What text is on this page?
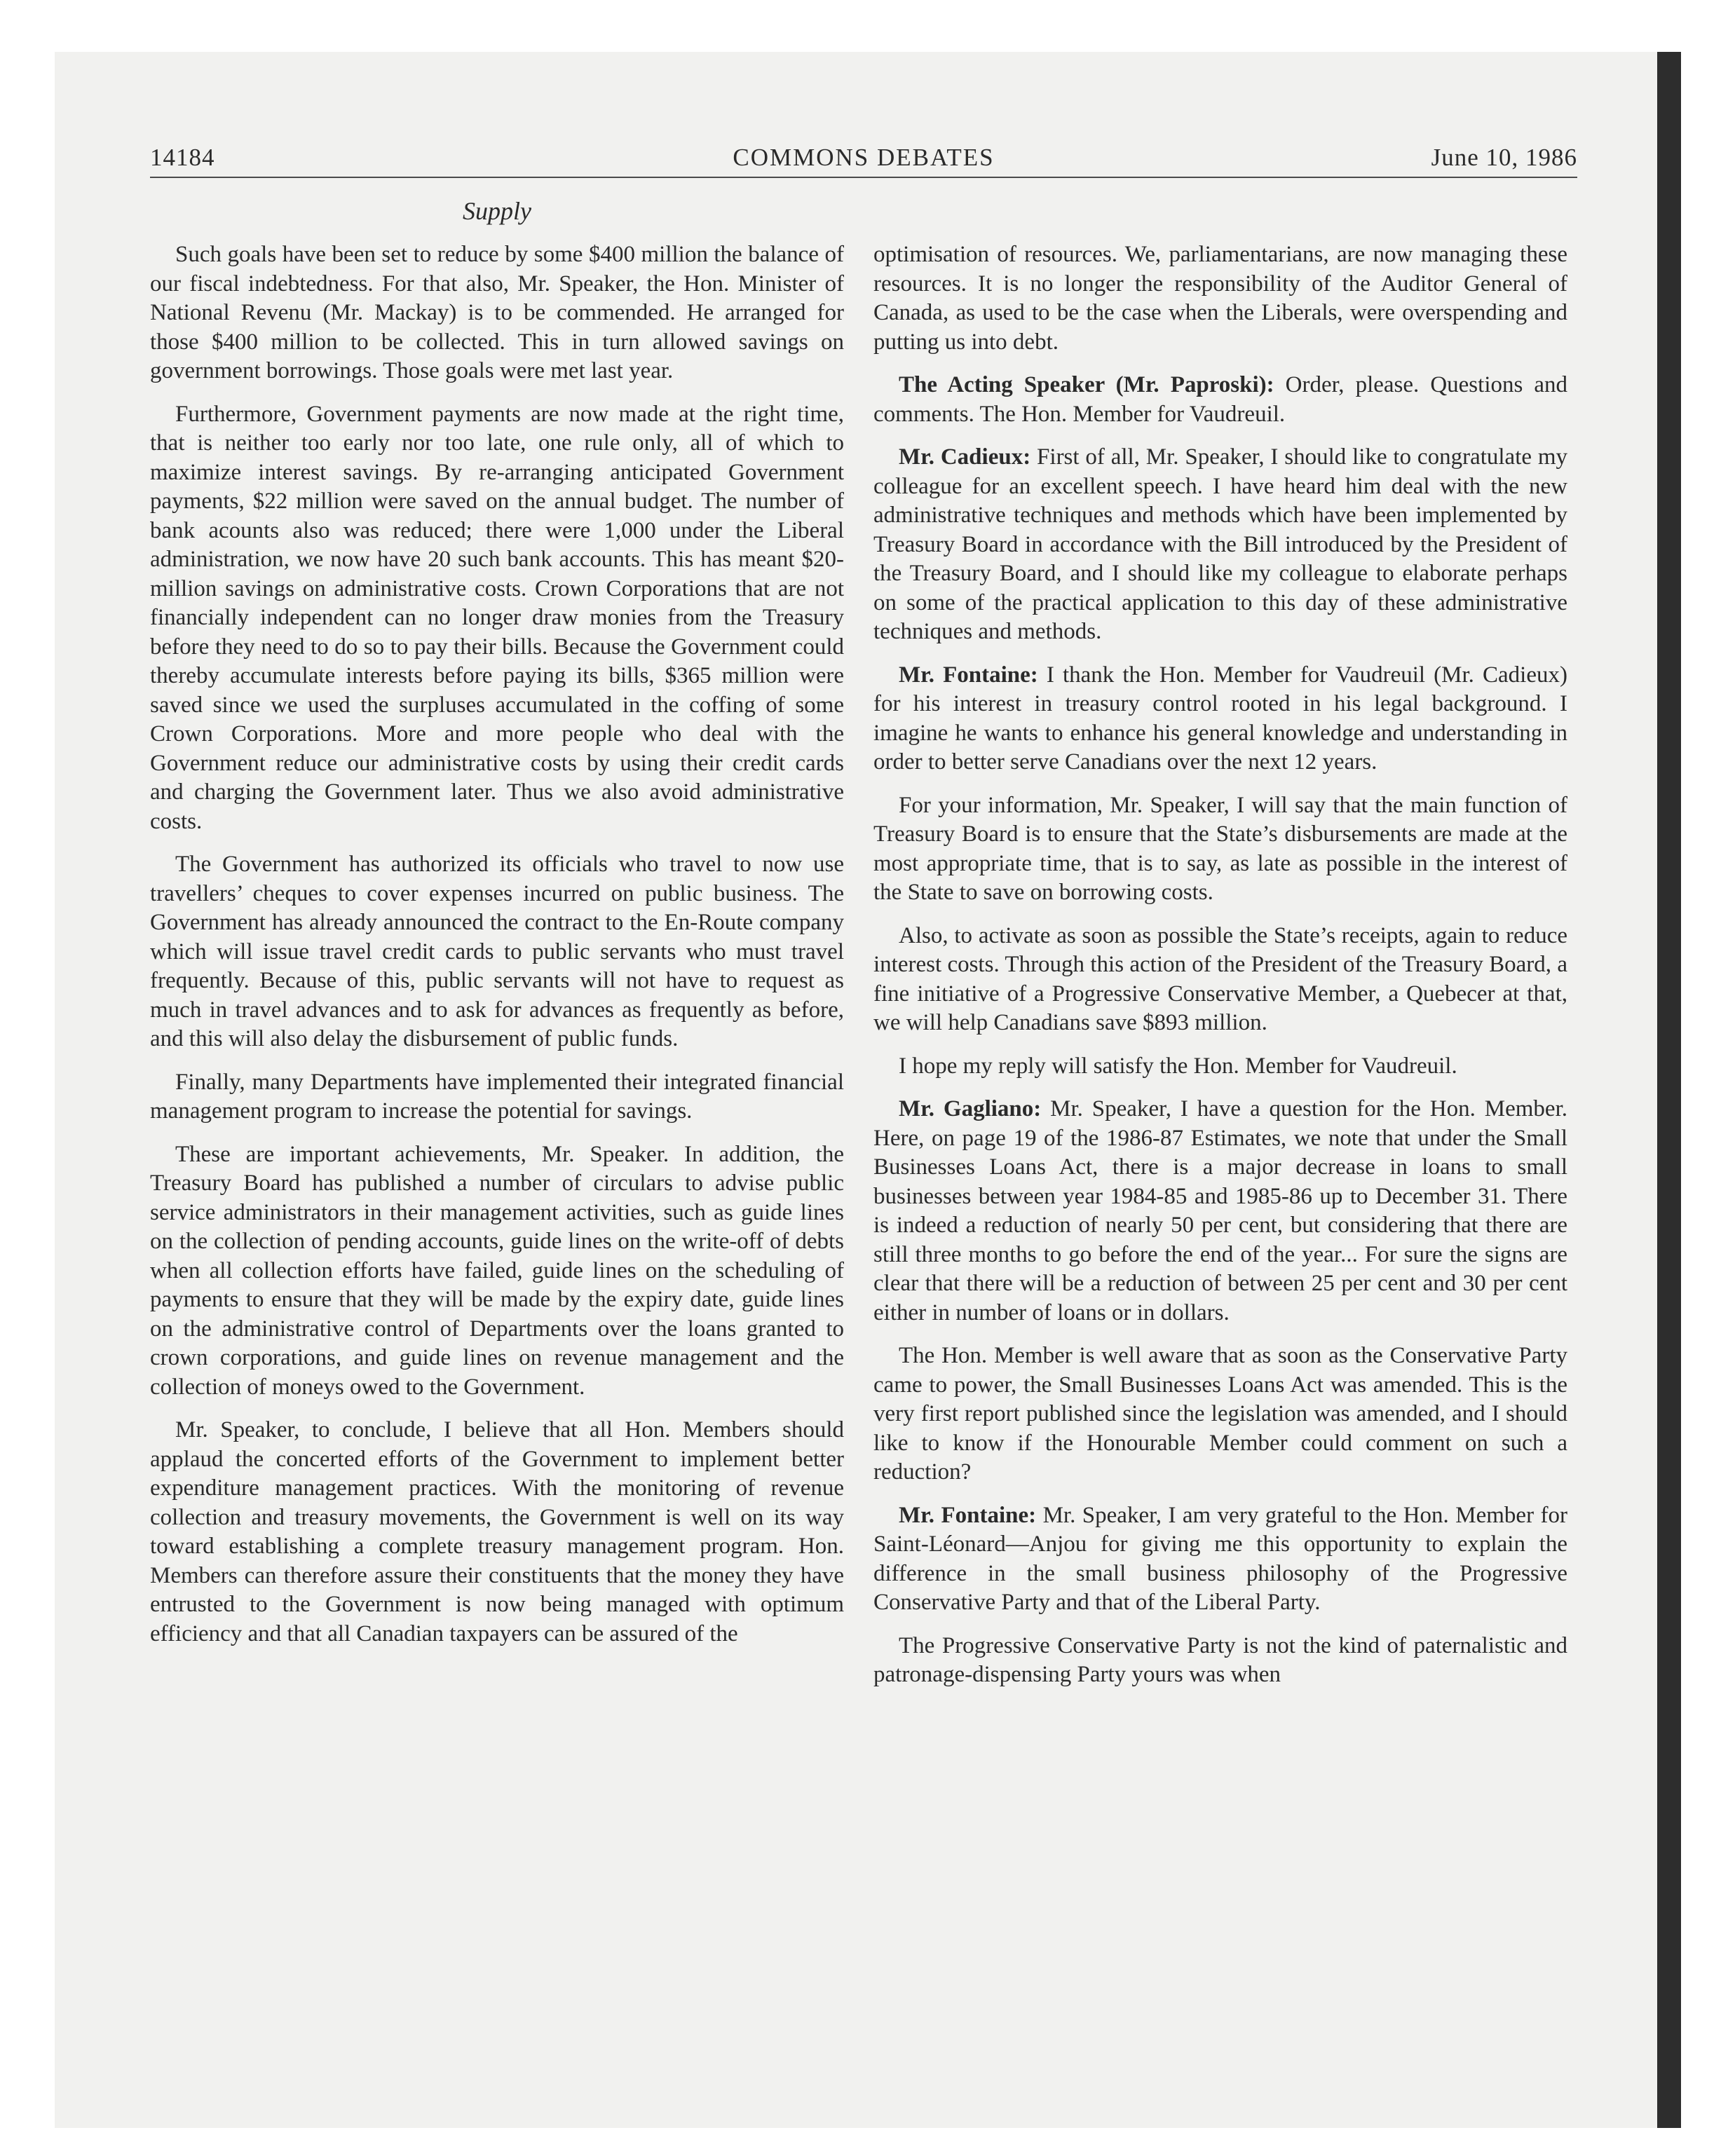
14184	COMMONS DEBATES	June 10, 1986
Supply

Such goals have been set to reduce by some $400 million the balance of our fiscal indebtedness. For that also, Mr. Speaker, the Hon. Minister of National Revenu (Mr. Mackay) is to be commended. He arranged for those $400 million to be collected. This in turn allowed savings on government borrowings. Those goals were met last year.

Furthermore, Government payments are now made at the right time, that is neither too early nor too late, one rule only, all of which to maximize interest savings. By re-arranging anticipated Government payments, $22 million were saved on the annual budget. The number of bank acounts also was reduced; there were 1,000 under the Liberal administration, we now have 20 such bank accounts. This has meant $20-million savings on administrative costs. Crown Corporations that are not financially independent can no longer draw monies from the Treasury before they need to do so to pay their bills. Because the Government could thereby accumulate interests before paying its bills, $365 million were saved since we used the surpluses accumulated in the coffing of some Crown Corporations. More and more people who deal with the Government reduce our administrative costs by using their credit cards and charging the Government later. Thus we also avoid administrative costs.

The Government has authorized its officials who travel to now use travellers’ cheques to cover expenses incurred on public business. The Government has already announced the contract to the En-Route company which will issue travel credit cards to public servants who must travel frequently. Because of this, public servants will not have to request as much in travel advances and to ask for advances as frequently as before, and this will also delay the disbursement of public funds.

Finally, many Departments have implemented their integrated financial management program to increase the potential for savings.

These are important achievements, Mr. Speaker. In addition, the Treasury Board has published a number of circulars to advise public service administrators in their management activities, such as guide lines on the collection of pending accounts, guide lines on the write-off of debts when all collection efforts have failed, guide lines on the scheduling of payments to ensure that they will be made by the expiry date, guide lines on the administrative control of Departments over the loans granted to crown corporations, and guide lines on revenue management and the collection of moneys owed to the Government.

Mr. Speaker, to conclude, I believe that all Hon. Members should applaud the concerted efforts of the Government to implement better expenditure management practices. With the monitoring of revenue collection and treasury movements, the Government is well on its way toward establishing a complete treasury management program. Hon. Members can therefore assure their constituents that the money they have entrusted to the Government is now being managed with optimum efficiency and that all Canadian taxpayers can be assured of the

optimisation of resources. We, parliamentarians, are now managing these resources. It is no longer the responsibility of the Auditor General of Canada, as used to be the case when the Liberals, were overspending and putting us into debt.

The Acting Speaker (Mr. Paproski): Order, please. Questions and comments. The Hon. Member for Vaudreuil.

Mr. Cadieux: First of all, Mr. Speaker, I should like to congratulate my colleague for an excellent speech. I have heard him deal with the new administrative techniques and methods which have been implemented by Treasury Board in accordance with the Bill introduced by the President of the Treasury Board, and I should like my colleague to elaborate perhaps on some of the practical application to this day of these administrative techniques and methods.

Mr. Fontaine: I thank the Hon. Member for Vaudreuil (Mr. Cadieux) for his interest in treasury control rooted in his legal background. I imagine he wants to enhance his general knowledge and understanding in order to better serve Canadians over the next 12 years.

For your information, Mr. Speaker, I will say that the main function of Treasury Board is to ensure that the State’s disbursements are made at the most appropriate time, that is to say, as late as possible in the interest of the State to save on borrowing costs.

Also, to activate as soon as possible the State’s receipts, again to reduce interest costs. Through this action of the President of the Treasury Board, a fine initiative of a Progressive Conservative Member, a Quebecer at that, we will help Canadians save $893 million.

I hope my reply will satisfy the Hon. Member for Vaudreuil.

Mr. Gagliano: Mr. Speaker, I have a question for the Hon. Member. Here, on page 19 of the 1986-87 Estimates, we note that under the Small Businesses Loans Act, there is a major decrease in loans to small businesses between year 1984-85 and 1985-86 up to December 31. There is indeed a reduction of nearly 50 per cent, but considering that there are still three months to go before the end of the year... For sure the signs are clear that there will be a reduction of between 25 per cent and 30 per cent either in number of loans or in dollars.

The Hon. Member is well aware that as soon as the Conservative Party came to power, the Small Businesses Loans Act was amended. This is the very first report published since the legislation was amended, and I should like to know if the Honourable Member could comment on such a reduction?

Mr. Fontaine: Mr. Speaker, I am very grateful to the Hon. Member for Saint-Léonard—Anjou for giving me this opportunity to explain the difference in the small business philosophy of the Progressive Conservative Party and that of the Liberal Party.

The Progressive Conservative Party is not the kind of paternalistic and patronage-dispensing Party yours was when
